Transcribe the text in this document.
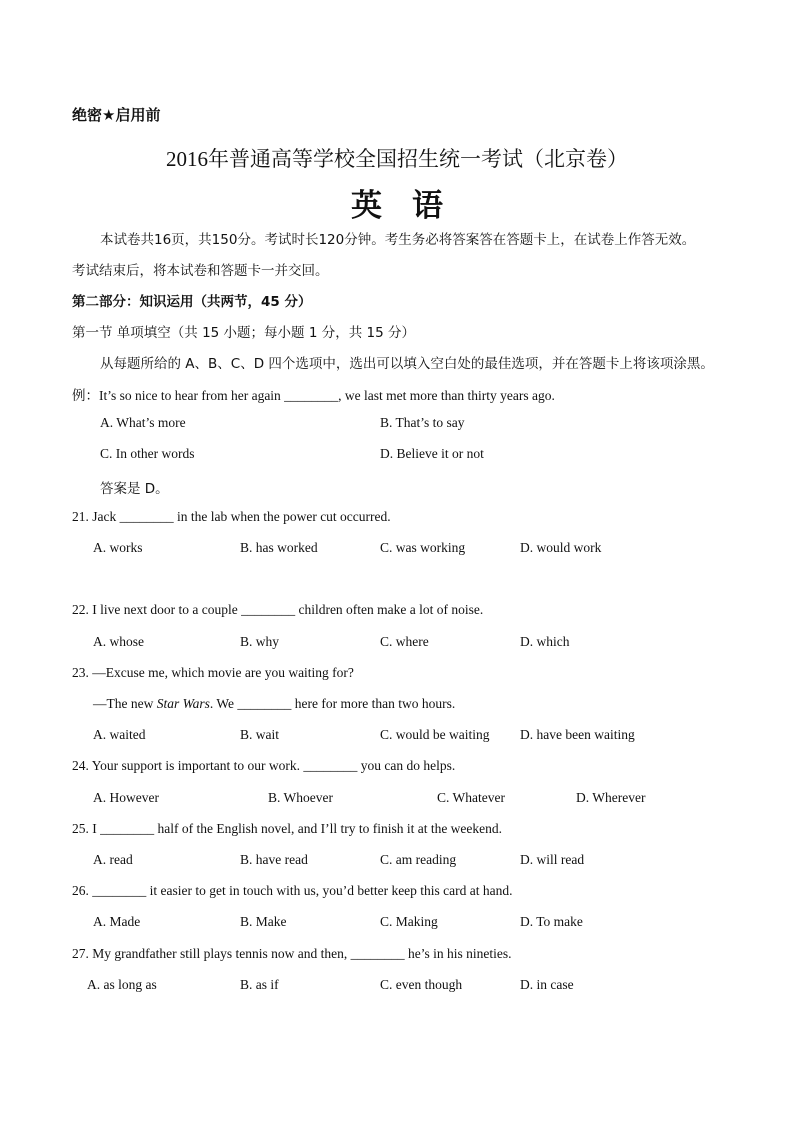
绝密★启用前
2016年普通高等学校全国招生统一考试（北京卷）
英语
本试卷共16页，共150分。考试时长120分钟。考生务必将答案答在答题卡上，在试卷上作答无效。
考试结束后，将本试卷和答题卡一并交回。
第二部分：知识运用（共两节，45 分）
第一节 单项填空（共 15 小题；每小题 1 分，共 15 分）
从每题所给的 A、B、C、D 四个选项中，选出可以填入空白处的最佳选项，并在答题卡上将该项涂黑。
例：It’s so nice to hear from her again ________, we last met more than thirty years ago.
A. What’s more	B. That’s to say
C. In other words	D. Believe it or not
答案是 D。
21. Jack ________ in the lab when the power cut occurred.
A. works	B. has worked	C. was working	D. would work
22. I live next door to a couple ________ children often make a lot of noise.
A. whose	B. why	C. where	D. which
23. —Excuse me, which movie are you waiting for?
—The new Star Wars. We ________ here for more than two hours.
A. waited	B. wait	C. would be waiting D. have been waiting
24. Your support is important to our work. ________ you can do helps.
A. However	B. Whoever	C. Whatever	D. Wherever
25. I ________ half of the English novel, and I’ll try to finish it at the weekend.
A. read	B. have read	C. am reading	D. will read
26. ________ it easier to get in touch with us, you’d better keep this card at hand.
A. Made	B. Make	C. Making	D. To make
27. My grandfather still plays tennis now and then, ________ he’s in his nineties.
A. as long as	B. as if	C. even though	D. in case
